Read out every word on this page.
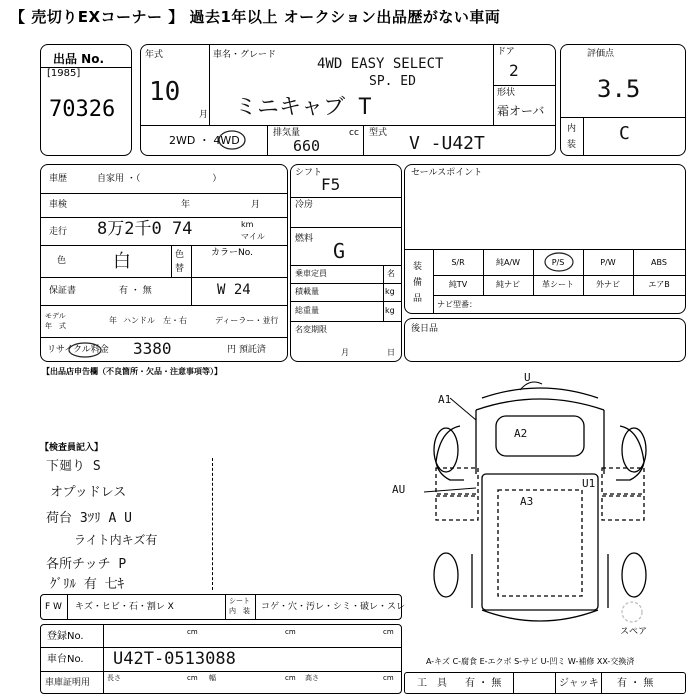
【 売切りEXコーナー 】 過去1年以上 オークション出品歴がない車両
出品 No.
[1985]
70326
年式
10
月
車名・グレード
4WD EASY SELECT
SP. ED
ミニキャブ T
ドア
2
形状
霜オーバ
2WD ・ 4WD
排気量	cc
660
型式 V -U42T
評価点
3.5
内
装
C
車歴	自家用 ・（　　　　　　　　）
車検	年	月
走行 8万2千0 74	km
マイル
色	白	色
替
カラーNo.
W 24
保証書	有 ・ 無
モデル
年　式
年 ハンドル　左・右	ディーラー・並行
リサイクル料金 3380	円 預託済
シフト
F5
冷房
燃料 G
乗車定員	名
積載量	kg
総重量	kg
名変期限
月	日
セールスポイント
装
備
品
S/R	純A/W	P/S	P/W	ABS
純TV	純ナビ	革シート	外ナビ	エアB
ナビ型番：
後日品
【出品店申告欄（不良箇所・欠品・注意事項等）】
【検査員記入】
下廻り S
オプッドレス
荷台 3ﾂﾘ A U
ライト内キズ有
各所チッチ P
ｸﾞﾘﾙ 有 七ｷ
U
A1
A2
A3
AU	U1
スペア
F W キズ・ヒビ・石・割レ X
シート
内　装 コゲ・穴・汚レ・シミ・破レ・スレ
登録No.
車台No. U42T-0513088
車庫証明用 長さ	幅	高さ
cm	cm	cm
cm	cm	cm
A-キズ C-腐食 E-エクボ S-サビ U-凹ミ W-補修 XX-交換済
工　具 有 ・ 無	ジャッキ 有 ・ 無
